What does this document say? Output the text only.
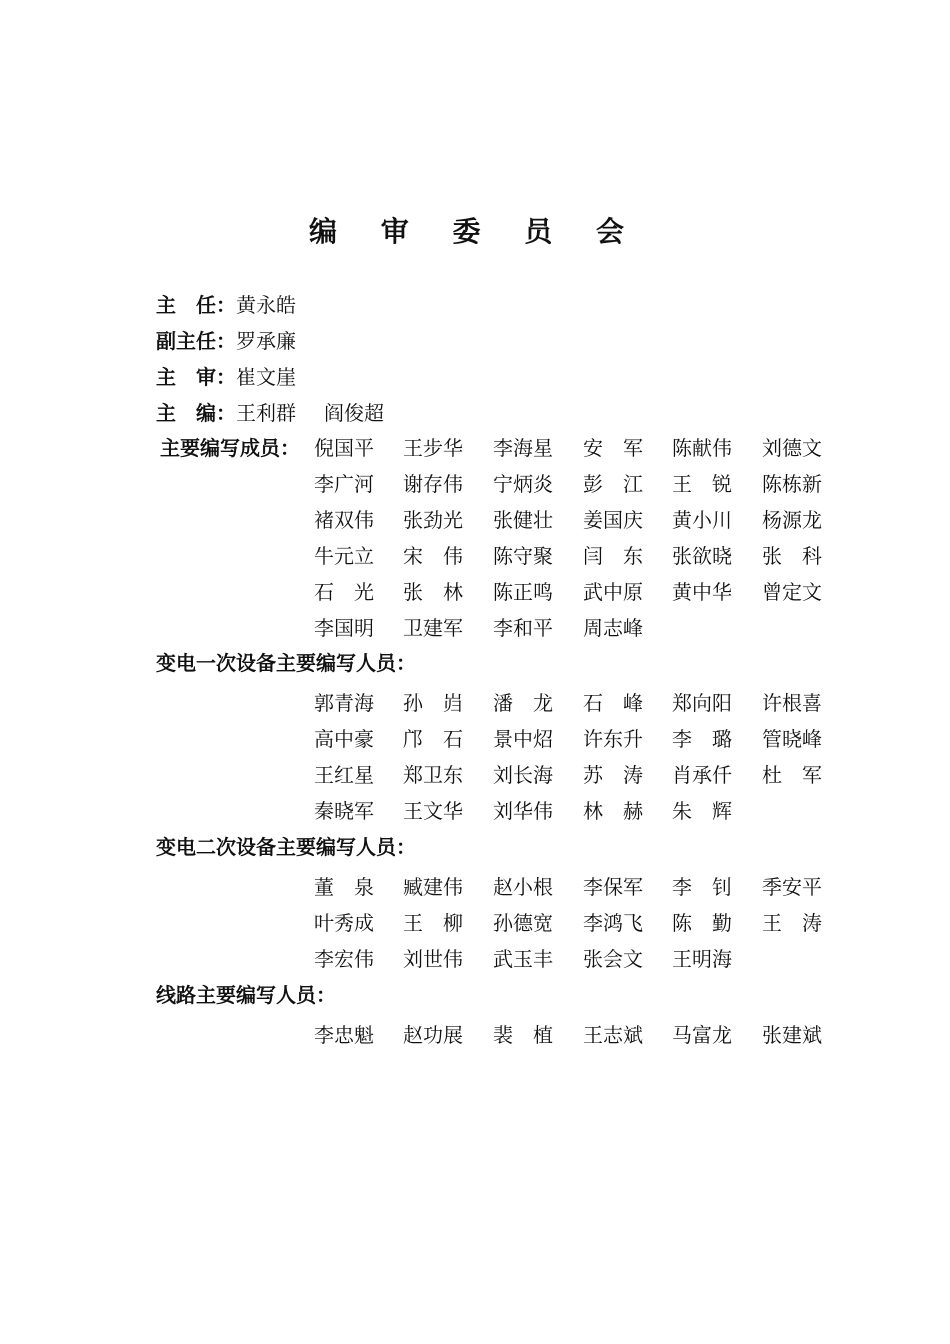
编 审 委 员 会
主任：黄永皓
副主任：罗承廉
主审：崔文崖
主编：王利群 阎俊超
主要编写成员： 倪国平	王步华	李海星	安　军	陈献伟	刘德文
李广河	谢存伟	宁炳炎	彭　江	王　锐	陈栋新
褚双伟	张劲光	张健壮	姜国庆	黄小川	杨源龙
牛元立	宋　伟	陈守聚	闫　东	张欲晓	张　科
石　光	张　林	陈正鸣	武中原	黄中华	曾定文
李国明	卫建军	李和平	周志峰
变电一次设备主要编写人员：
郭青海	孙　岿	潘　龙	石　峰	郑向阳	许根喜
高中豪	邝　石	景中炤	许东升	李　璐	管晓峰
王红星	郑卫东	刘长海	苏　涛	肖承仟	杜　军
秦晓军	王文华	刘华伟	林　赫	朱　辉
变电二次设备主要编写人员：
董　泉	臧建伟	赵小根	李保军	李　钊	季安平
叶秀成	王　柳	孙德宽	李鸿飞	陈　勤	王　涛
李宏伟	刘世伟	武玉丰	张会文	王明海
线路主要编写人员：
李忠魁	赵功展	裴　植	王志斌	马富龙	张建斌
